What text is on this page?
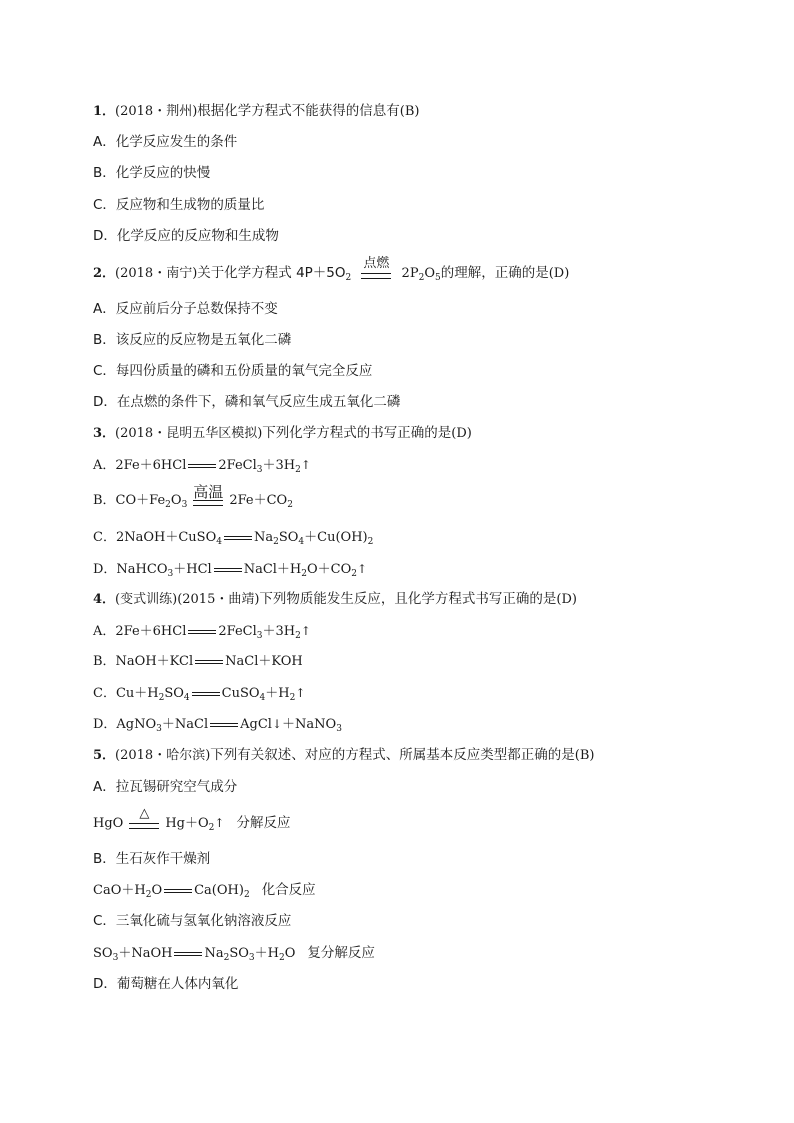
1．(2018・荆州)根据化学方程式不能获得的信息有(B)
A．化学反应发生的条件
B．化学反应的快慢
C．反应物和生成物的质量比
D．化学反应的反应物和生成物
2．(2018・南宁)关于化学方程式 $4P+5O_2$
点燃
$2P_2O_5$的理解，正确的是(D)
A．反应前后分子总数保持不变
B．该反应的反应物是五氧化二磷
C．每四份质量的磷和五份质量的氧气完全反应
D．在点燃的条件下，磷和氧气反应生成五氧化二磷
3．(2018・昆明五华区模拟)下列化学方程式的书写正确的是(D)
A．2Fe＋6HCl $2FeCl_3+3H_2↑$
B．$CO+Fe_2O_3$
高温 $2Fe+CO_2$
C．2NaOH＋CuSO$_4$ $Na_2SO_4+Cu(OH)_2$
D．NaHCO$_3$＋HCl $NaCl+H_2O+CO_2↑$
4．(变式训练)(2015・曲靖)下列物质能发生反应，且化学方程式书写正确的是(D)
A．2Fe＋6HCl $2FeCl_3+3H_2↑$
B．NaOH＋KCl NaCl＋KOH
C．$Cu+H_2SO_4$ $CuSO_4+H_2↑$
D．AgNO$_3$＋NaCl AgCl↓＋NaNO$_3$
5．(2018・哈尔滨)下列有关叙述、对应的方程式、所属基本反应类型都正确的是(B)
A．拉瓦锡研究空气成分
HgO
△
$Hg+O_2↑$ 分解反应
B．生石灰作干燥剂
$CaO+H_2O$ $Ca(OH)_2$ 化合反应
C．三氧化硫与氢氧化钠溶液反应
$SO_3+NaOH$ $Na_2SO_3+H_2O$ 复分解反应
D．葡萄糖在人体内氧化
